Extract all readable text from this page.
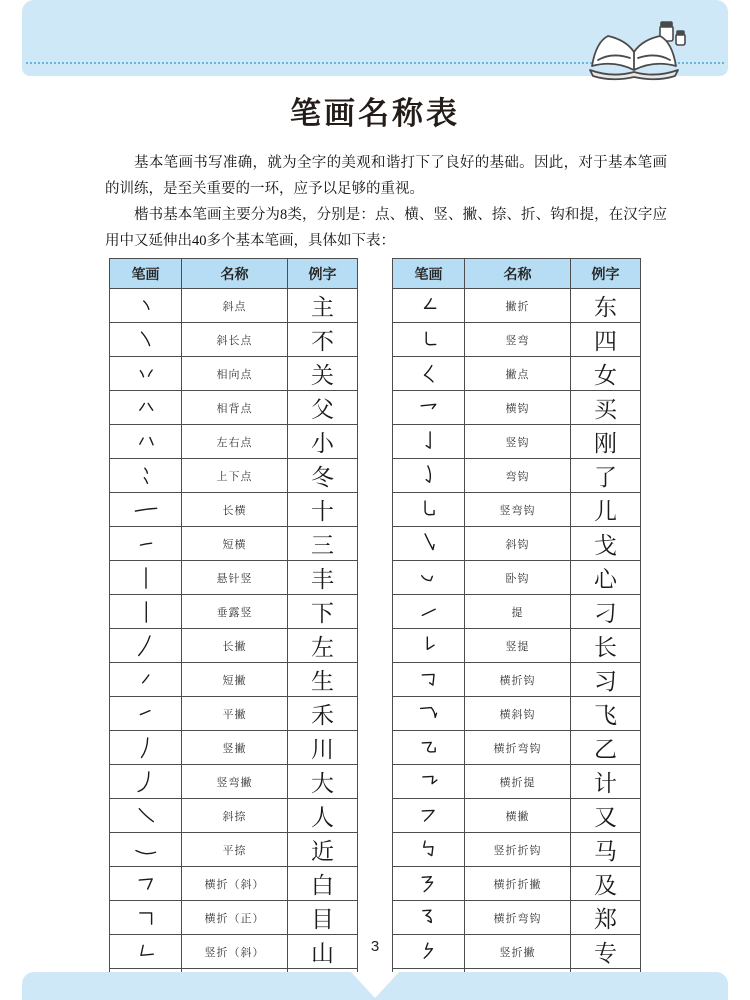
笔画名称表

基本笔画书写准确，就为全字的美观和谐打下了良好的基础。因此，对于基本笔画的训练，是至关重要的一环，应予以足够的重视。

楷书基本笔画主要分为8类，分别是：点、横、竖、撇、捺、折、钩和提，在汉字应用中又延伸出40多个基本笔画，具体如下表：

笔画	名称	例字

	斜点	主

	斜长点	不

	相向点	关

	相背点	父

	左右点	小

	上下点	冬

	长横	十

	短横	三

	悬针竖	丰

	垂露竖	下

	长撇	左

	短撇	生

	平撇	禾

	竖撇	川

	竖弯撇	大

	斜捺	人

	平捺	近

	横折（斜）	白

	横折（正）	目

	竖折（斜）	山

笔画	名称	例字

	撇折	东

	竖弯	四

	撇点	女

	横钩	买

	竖钩	刚

	弯钩	了

	竖弯钩	儿

	斜钩	戈

	卧钩	心

	提	刁

	竖提	长

	横折钩	习

	横斜钩	飞

	横折弯钩	乙

	横折提	计

	横撇	又

	竖折折钩	马

	横折折撇	及

	横折弯钩	郑

	竖折撇	专

3
